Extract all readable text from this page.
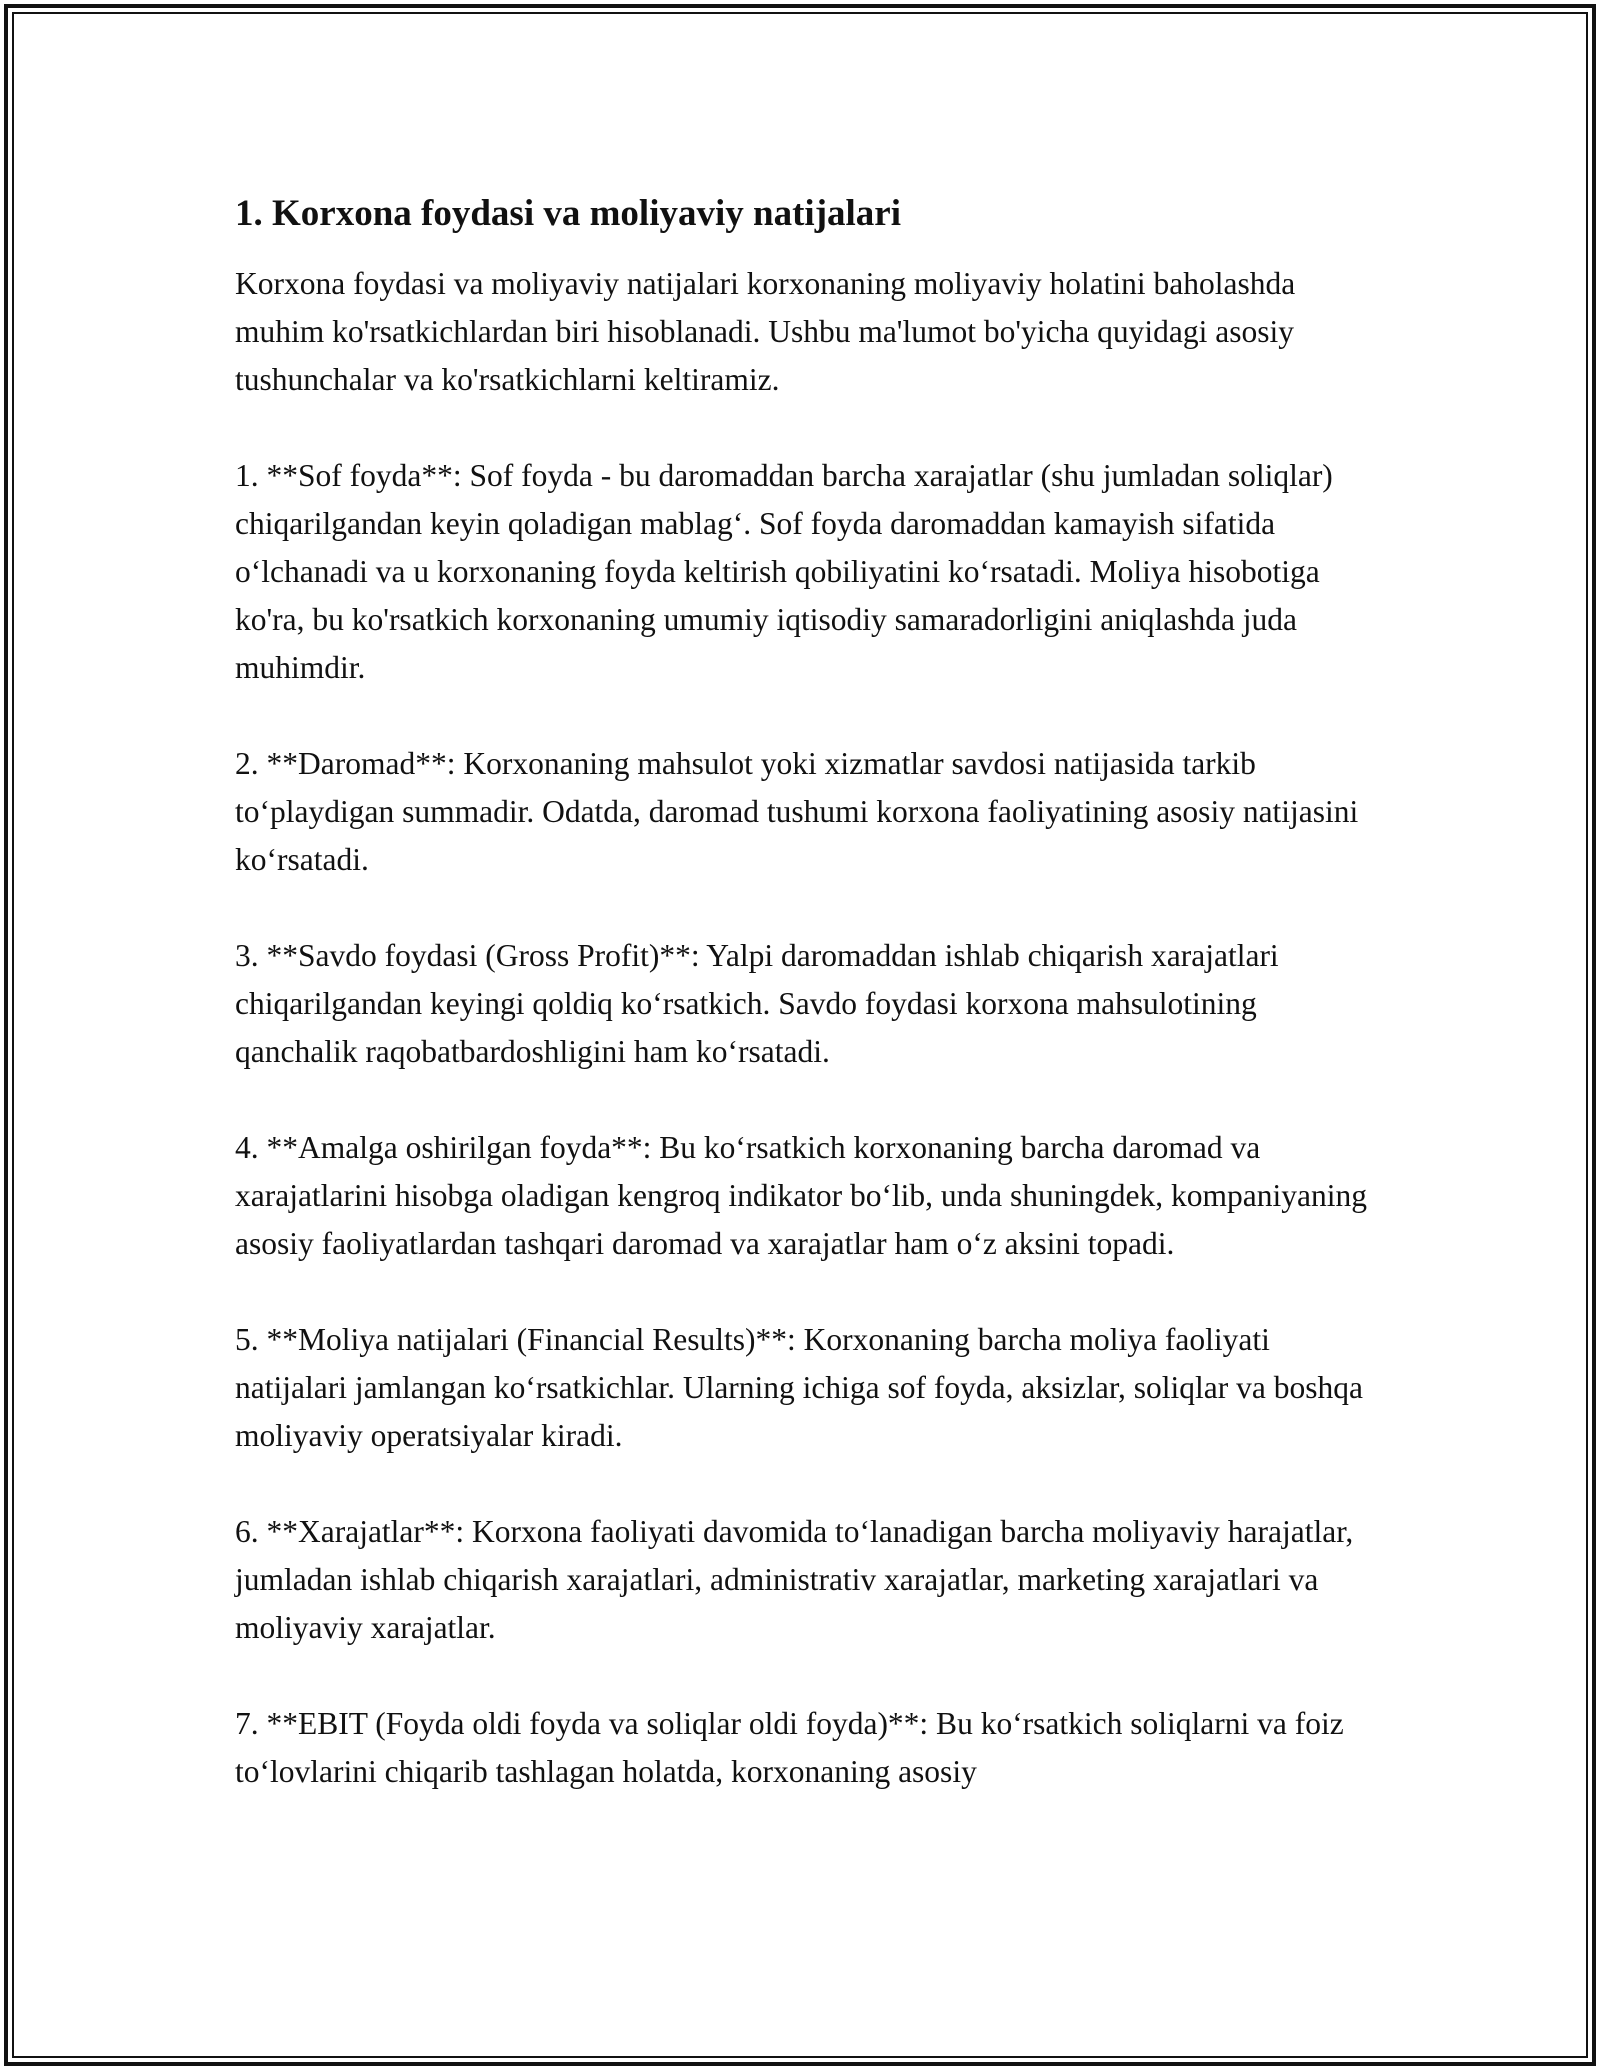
1. Korxona foydasi va moliyaviy natijalari

Korxona foydasi va moliyaviy natijalari korxonaning moliyaviy holatini baholashda muhim ko'rsatkichlardan biri hisoblanadi. Ushbu ma'lumot bo'yicha quyidagi asosiy tushunchalar va ko'rsatkichlarni keltiramiz.

1. **Sof foyda**: Sof foyda - bu daromaddan barcha xarajatlar (shu jumladan soliqlar) chiqarilgandan keyin qoladigan mablag‘. Sof foyda daromaddan kamayish sifatida o‘lchanadi va u korxonaning foyda keltirish qobiliyatini ko‘rsatadi. Moliya hisobotiga ko'ra, bu ko'rsatkich korxonaning umumiy iqtisodiy samaradorligini aniqlashda juda muhimdir.

2. **Daromad**: Korxonaning mahsulot yoki xizmatlar savdosi natijasida tarkib to‘playdigan summadir. Odatda, daromad tushumi korxona faoliyatining asosiy natijasini ko‘rsatadi.

3. **Savdo foydasi (Gross Profit)**: Yalpi daromaddan ishlab chiqarish xarajatlari chiqarilgandan keyingi qoldiq ko‘rsatkich. Savdo foydasi korxona mahsulotining qanchalik raqobatbardoshligini ham ko‘rsatadi.

4. **Amalga oshirilgan foyda**: Bu ko‘rsatkich korxonaning barcha daromad va xarajatlarini hisobga oladigan kengroq indikator bo‘lib, unda shuningdek, kompaniyaning asosiy faoliyatlardan tashqari daromad va xarajatlar ham o‘z aksini topadi.

5. **Moliya natijalari (Financial Results)**: Korxonaning barcha moliya faoliyati natijalari jamlangan ko‘rsatkichlar. Ularning ichiga sof foyda, aksizlar, soliqlar va boshqa moliyaviy operatsiyalar kiradi.

6. **Xarajatlar**: Korxona faoliyati davomida to‘lanadigan barcha moliyaviy harajatlar, jumladan ishlab chiqarish xarajatlari, administrativ xarajatlar, marketing xarajatlari va moliyaviy xarajatlar.

7. **EBIT (Foyda oldi foyda va soliqlar oldi foyda)**: Bu ko‘rsatkich soliqlarni va foiz to‘lovlarini chiqarib tashlagan holatda, korxonaning asosiy
